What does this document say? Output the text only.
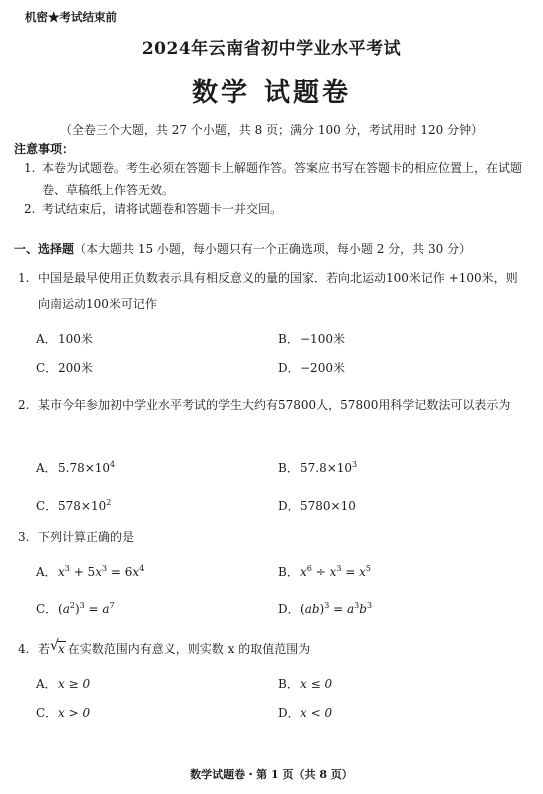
机密★考试结束前
2024年云南省初中学业水平考试
数学 试题卷
（全卷三个大题，共 27 个小题，共 8 页；满分 100 分，考试用时 120 分钟）
注意事项：
1. 本卷为试题卷。考生必须在答题卡上解题作答。答案应书写在答题卡的相应位置上，在试题卷、草稿纸上作答无效。
2. 考试结束后，请将试题卷和答题卡一并交回。
一、选择题（本大题共 15 小题，每小题只有一个正确选项，每小题 2 分，共 30 分）
1. 中国是最早使用正负数表示具有相反意义的量的国家．若向北运动100米记作 +100米，则向南运动100米可记作
A．100米	B．−100米
C．200米	D．−200米
2. 某市今年参加初中学业水平考试的学生大约有57800人，57800用科学记数法可以表示为
A．$5.78\times 10^4$	B．$57.8\times 10^3$
C．$578\times 10^2$	D．5780×10
3. 下列计算正确的是
A．$x^3 + 5x^3 = 6x^4$	B．$x^6 \div x^3 = x^5$
C．$(a^2)^3 = a^7$	D．$(ab)^3 = a^3b^3$
4. 若 √ x 在实数范围内有意义，则实数 x 的取值范围为
A．x ≥ 0	B．x ≤ 0
C．x > 0	D．x < 0
数学试题卷・第 1 页（共 8 页）
